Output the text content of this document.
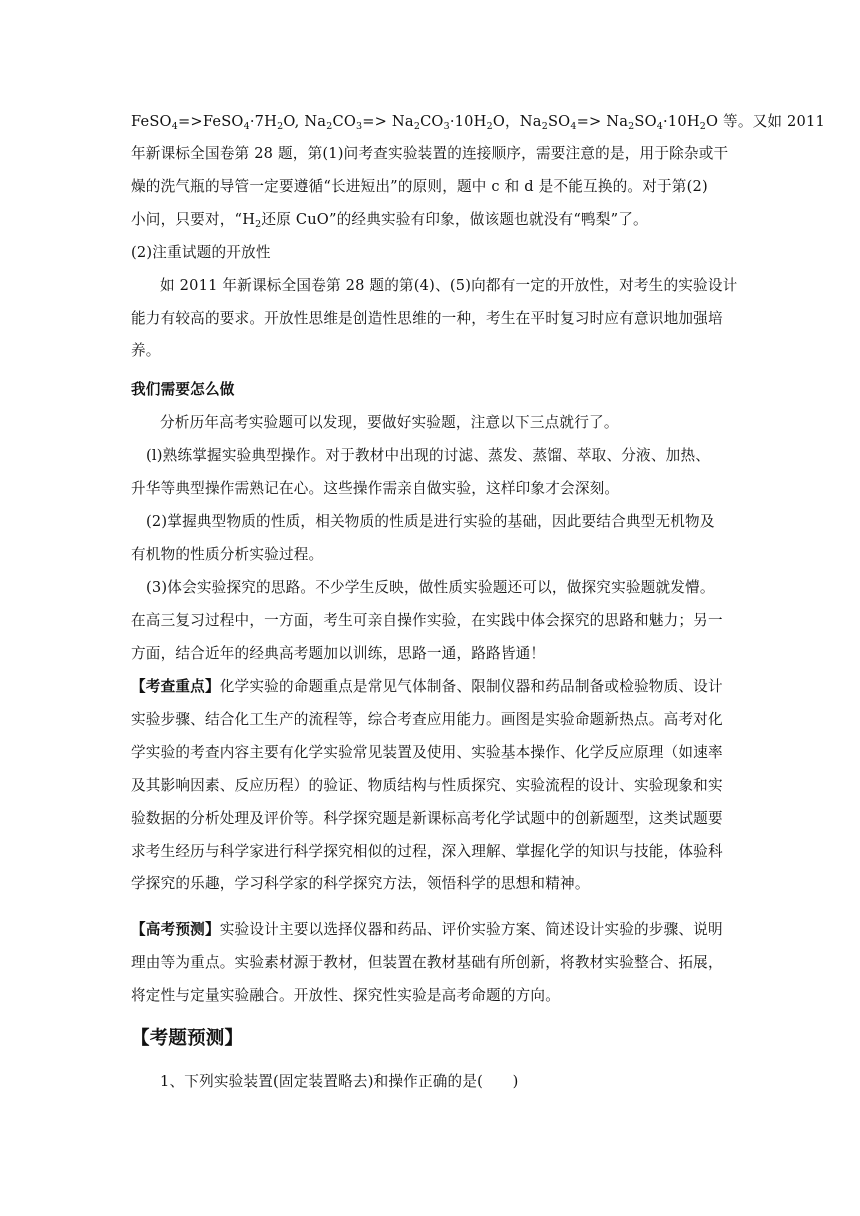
$FeSO_4=>FeSO_4\cdot 7H_2O$, $Na_2CO_3=> Na_2CO_3\cdot 10H_2O$，$Na_2SO_4=> Na_2SO_4\cdot 10H_2O$ 等。又如 2011
年新课标全国卷第 28 题，第(1)问考查实验装置的连接顺序，需要注意的是，用于除杂或干
燥的洗气瓶的导管一定要遵循“长进短出”的原则，题中 c 和 d 是不能互换的。对于第(2)
小问，只要对，“$H_2$还原 CuO”的经典实验有印象，做该题也就没有“鸭梨”了。
(2)注重试题的开放性
如 2011 年新课标全国卷第 28 题的第(4)、(5)向都有一定的开放性，对考生的实验设计
能力有较高的要求。开放性思维是创造性思维的一种，考生在平时复习时应有意识地加强培
养。
我们需要怎么做
分析历年高考实验题可以发现，要做好实验题，注意以下三点就行了。
(l)熟练掌握实验典型操作。对于教材中出现的讨滤、蒸发、蒸馏、萃取、分液、加热、
升华等典型操作需熟记在心。这些操作需亲自做实验，这样印象才会深刻。
(2)掌握典型物质的性质，相关物质的性质是进行实验的基础，因此要结合典型无机物及
有机物的性质分析实验过程。
(3)体会实验探究的思路。不少学生反映，做性质实验题还可以，做探究实验题就发懵。
在高三复习过程中，一方面，考生可亲自操作实验，在实践中体会探究的思路和魅力；另一
方面，结合近年的经典高考题加以训练，思路一通，路路皆通！
【考查重点】化学实验的命题重点是常见气体制备、限制仪器和药品制备或检验物质、设计
实验步骤、结合化工生产的流程等，综合考查应用能力。画图是实验命题新热点。高考对化
学实验的考查内容主要有化学实验常见装置及使用、实验基本操作、化学反应原理（如速率
及其影响因素、反应历程）的验证、物质结构与性质探究、实验流程的设计、实验现象和实
验数据的分析处理及评价等。科学探究题是新课标高考化学试题中的创新题型，这类试题要
求考生经历与科学家进行科学探究相似的过程，深入理解、掌握化学的知识与技能，体验科
学探究的乐趣，学习科学家的科学探究方法，领悟科学的思想和精神。
【高考预测】实验设计主要以选择仪器和药品、评价实验方案、简述设计实验的步骤、说明
理由等为重点。实验素材源于教材，但装置在教材基础有所创新，将教材实验整合、拓展，
将定性与定量实验融合。开放性、探究性实验是高考命题的方向。
【考题预测】
1、下列实验装置(固定装置略去)和操作正确的是(　　)
